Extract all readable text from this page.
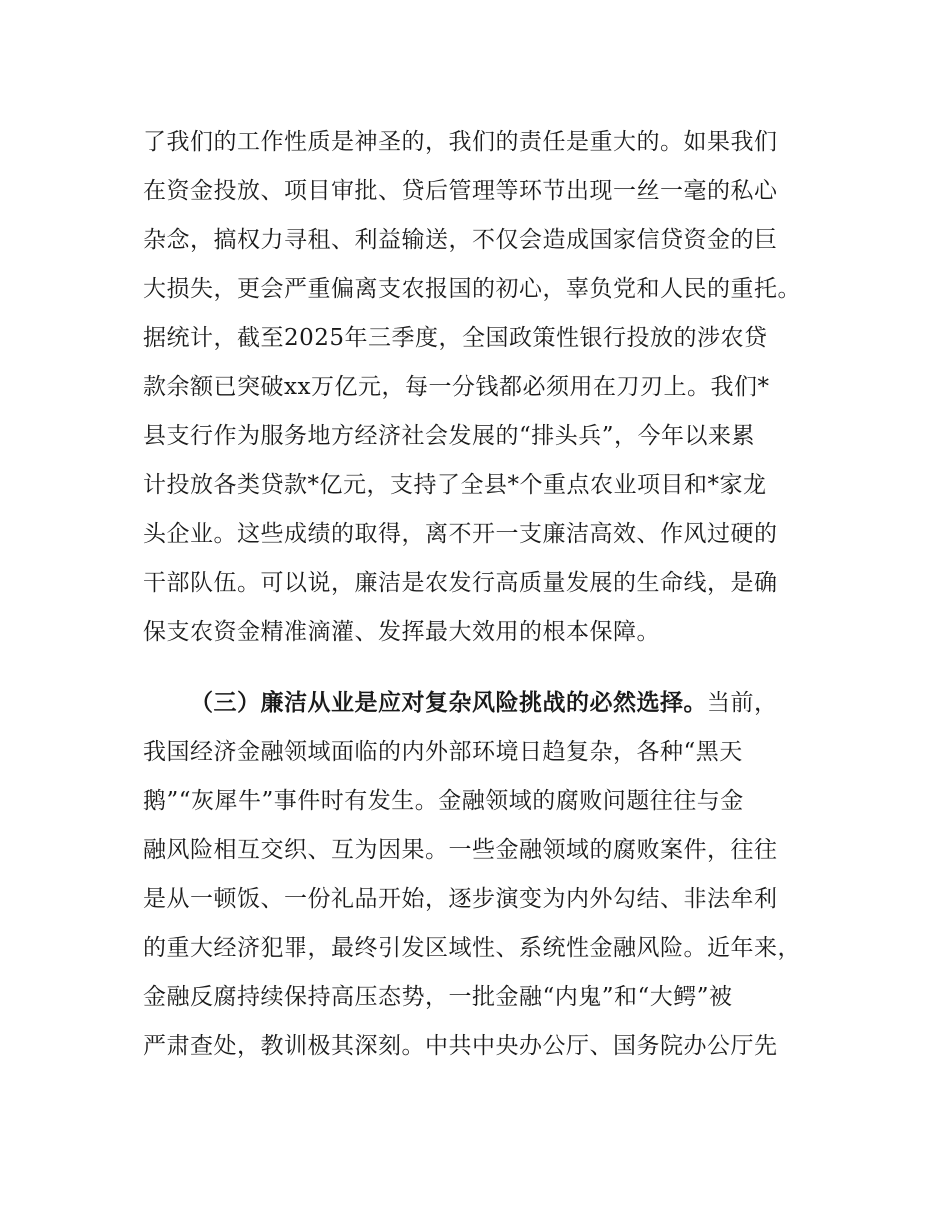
了我们的工作性质是神圣的，我们的责任是重大的。如果我们
在资金投放、项目审批、贷后管理等环节出现一丝一毫的私心
杂念，搞权力寻租、利益输送，不仅会造成国家信贷资金的巨
大损失，更会严重偏离支农报国的初心，辜负党和人民的重托。
据统计，截至2025年三季度，全国政策性银行投放的涉农贷
款余额已突破xx万亿元，每一分钱都必须用在刀刃上。我们*
县支行作为服务地方经济社会发展的“排头兵”，今年以来累
计投放各类贷款*亿元，支持了全县*个重点农业项目和*家龙
头企业。这些成绩的取得，离不开一支廉洁高效、作风过硬的
干部队伍。可以说，廉洁是农发行高质量发展的生命线，是确
保支农资金精准滴灌、发挥最大效用的根本保障。
（三）廉洁从业是应对复杂风险挑战的必然选择。当前，
我国经济金融领域面临的内外部环境日趋复杂，各种“黑天
鹅”“灰犀牛”事件时有发生。金融领域的腐败问题往往与金
融风险相互交织、互为因果。一些金融领域的腐败案件，往往
是从一顿饭、一份礼品开始，逐步演变为内外勾结、非法牟利
的重大经济犯罪，最终引发区域性、系统性金融风险。近年来，
金融反腐持续保持高压态势，一批金融“内鬼”和“大鳄”被
严肃查处，教训极其深刻。中共中央办公厅、国务院办公厅先
